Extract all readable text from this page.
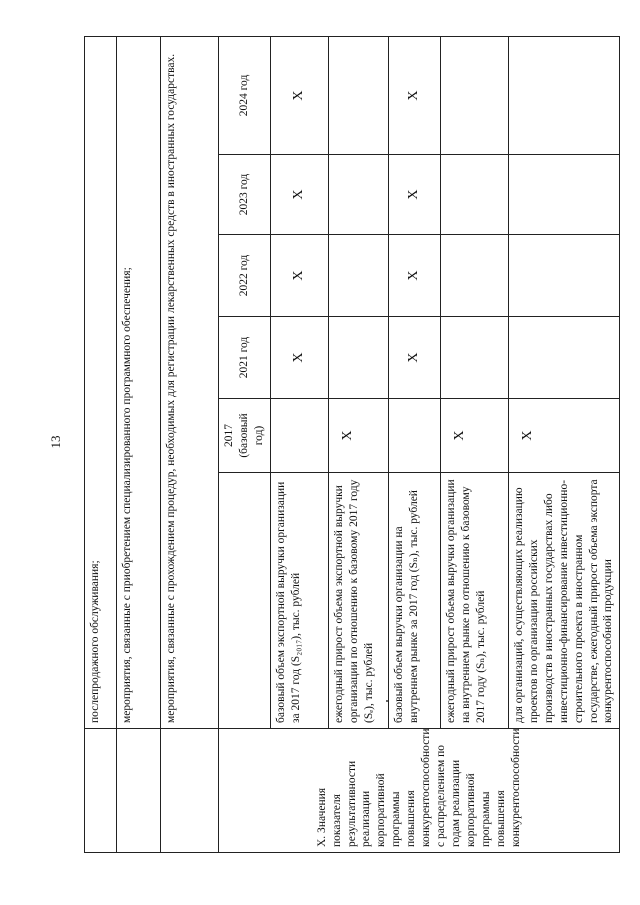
13
	послепродажного обслуживания;					
	мероприятия, связанные с приобретением специализированного программного обеспечения;					
	мероприятия, связанные с прохождением процедур, необходимых для регистрации лекарственных средств в иностранных государствах.					
X. Значения показателя результативности реализации корпоративной программы повышения конкурентоспособности с распределением по годам реализации корпоративной программы повышения конкурентоспособности		2017 (базовый год)	2021 год	2022 год	2023 год	2024 год
	базовый объем экспортной выручки организации за 2017 год (S₂₀₁₇), тыс. рублей		X	X	X	X
	ежегодный прирост объема экспортной выручки организации по отношению к базовому 2017 году (Sₑ), тыс. рублей	X				
	базовый объем выручки организации на внутреннем рынке за 2017 год (Sₙ), тыс. рублей		X	X	X	X
	ежегодный прирост объема выручки организации на внутреннем рынке по отношению к базовому 2017 году (Sₙ), тыс. рублей	X				
	для организаций, осуществляющих реализацию проектов по организации российских производств в иностранных государствах либо инвестиционно-финансирование инвестиционно-строительного проекта в иностранном государстве, ежегодный прирост объема экспорта конкурентоспособной продукции	X				
